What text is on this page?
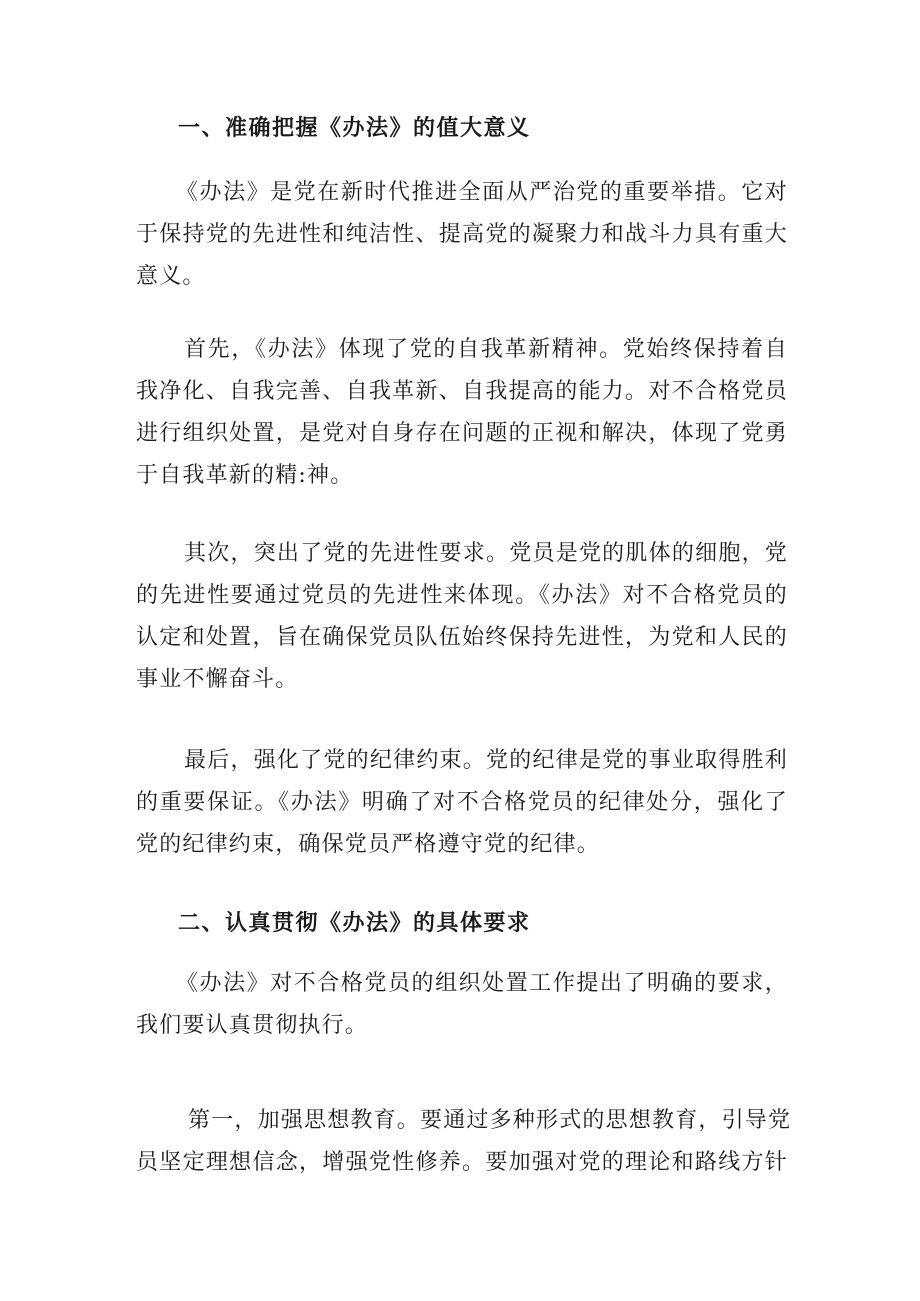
一、准确把握《办法》的值大意义
《办法》是党在新时代推进全面从严治党的重要举措。它对
于保持党的先进性和纯洁性、提高党的凝聚力和战斗力具有重大
意义。
首先，《办法》体现了党的自我革新精神。党始终保持着自
我净化、自我完善、自我革新、自我提高的能力。对不合格党员
进行组织处置，是党对自身存在问题的正视和解决，体现了党勇
于自我革新的精:神。
其次，突出了党的先进性要求。党员是党的肌体的细胞，党
的先进性要通过党员的先进性来体现。《办法》对不合格党员的
认定和处置，旨在确保党员队伍始终保持先进性，为党和人民的
事业不懈奋斗。
最后，强化了党的纪律约束。党的纪律是党的事业取得胜利
的重要保证。《办法》明确了对不合格党员的纪律处分，强化了
党的纪律约束，确保党员严格遵守党的纪律。
二、认真贯彻《办法》的具体要求
《办法》对不合格党员的组织处置工作提出了明确的要求，
我们要认真贯彻执行。
第一，加强思想教育。要通过多种形式的思想教育，引导党
员坚定理想信念，增强党性修养。要加强对党的理论和路线方针
